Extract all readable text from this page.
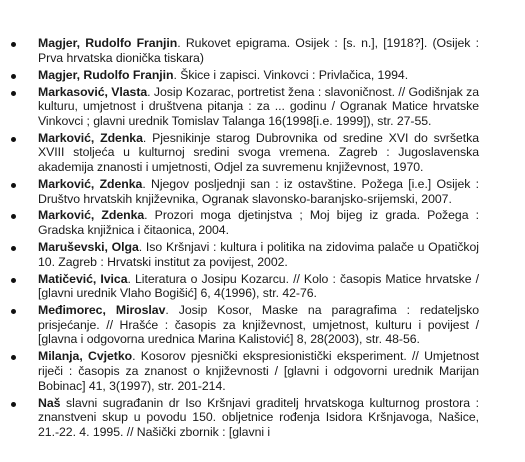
Magjer, Rudolfo Franjin. Rukovet epigrama. Osijek : [s. n.], [1918?]. (Osijek : Prva hrvatska dionička tiskara)
Magjer, Rudolfo Franjin. Škice i zapisci. Vinkovci : Privlačica, 1994.
Markasović, Vlasta. Josip Kozarac, portretist žena : slavoničnost. // Godišnjak za kulturu, umjetnost i društvena pitanja : za ... godinu / Ogranak Matice hrvatske Vinkovci ; glavni urednik Tomislav Talanga 16(1998[i.e. 1999]), str. 27-55.
Marković, Zdenka. Pjesnikinje starog Dubrovnika od sredine XVI do svršetka XVIII stoljeća u kulturnoj sredini svoga vremena. Zagreb : Jugoslavenska akademija znanosti i umjetnosti, Odjel za suvremenu književnost, 1970.
Marković, Zdenka. Njegov posljednji san : iz ostavštine. Požega [i.e.] Osijek : Društvo hrvatskih književnika, Ogranak slavonsko-baranjsko-srijemski, 2007.
Marković, Zdenka. Prozori moga djetinjstva ; Moj bijeg iz grada. Požega : Gradska knjižnica i čitaonica, 2004.
Maruševski, Olga. Iso Kršnjavi : kultura i politika na zidovima palače u Opatičkoj 10. Zagreb : Hrvatski institut za povijest, 2002.
Matičević, Ivica. Literatura o Josipu Kozarcu. // Kolo : časopis Matice hrvatske / [glavni urednik Vlaho Bogišić] 6, 4(1996), str. 42-76.
Međimorec, Miroslav. Josip Kosor, Maske na paragrafima : redateljsko prisjećanje. // Hrašće : časopis za književnost, umjetnost, kulturu i povijest / [glavna i odgovorna urednica Marina Kalistović] 8, 28(2003), str. 48-56.
Milanja, Cvjetko. Kosorov pjesnički ekspresionistički eksperiment. // Umjetnost riječi : časopis za znanost o književnosti / [glavni i odgovorni urednik Marijan Bobinac] 41, 3(1997), str. 201-214.
Naš slavni sugrađanin dr Iso Kršnjavi graditelj hrvatskoga kulturnog prostora : znanstveni skup u povodu 150. obljetnice rođenja Isidora Kršnjavoga, Našice, 21.-22. 4. 1995. // Našički zbornik : [glavni i
